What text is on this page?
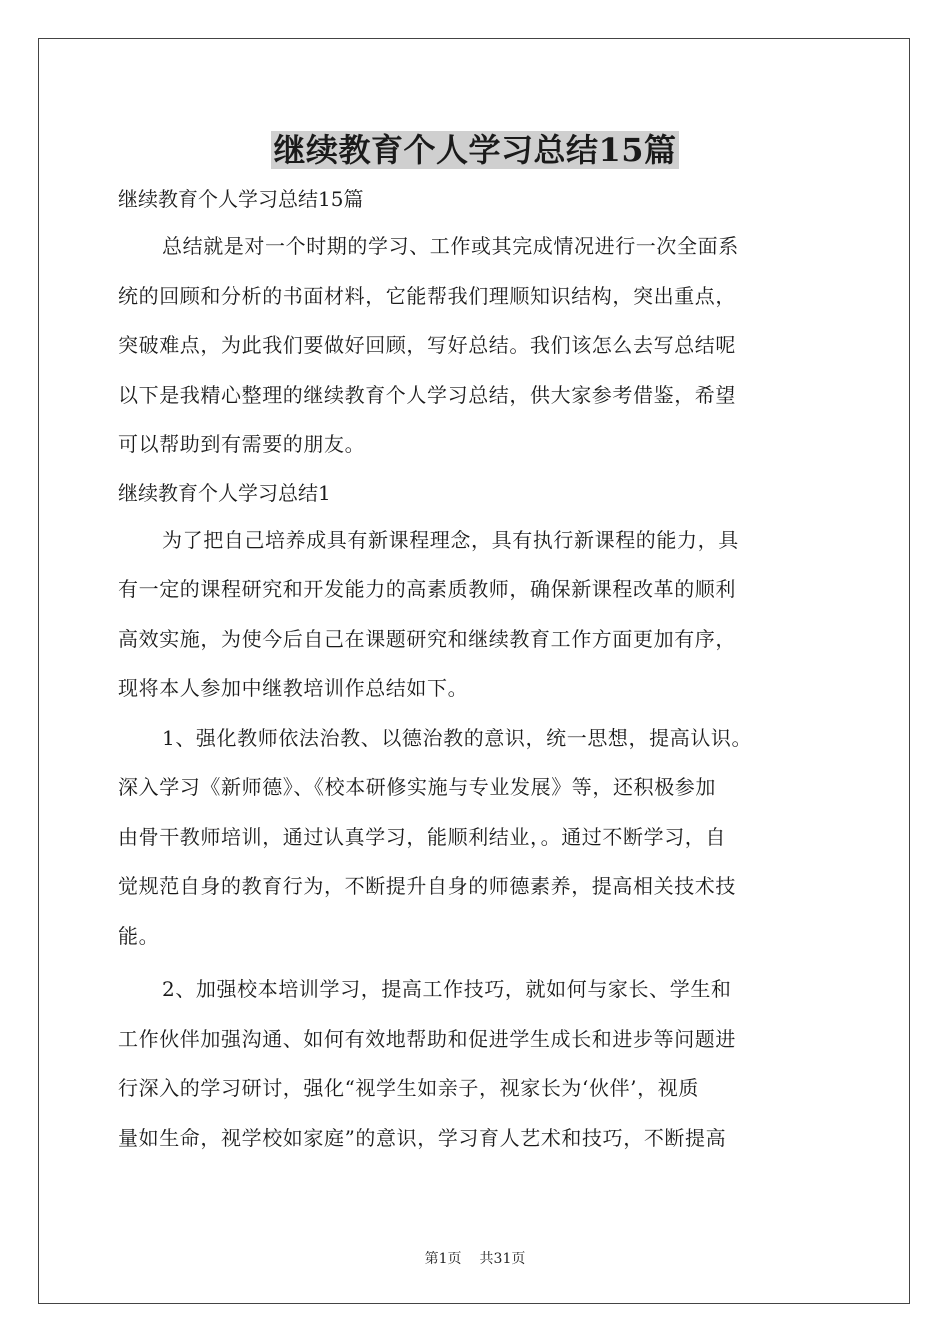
继续教育个人学习总结15篇
继续教育个人学习总结15篇
总结就是对一个时期的学习、工作或其完成情况进行一次全面系
统的回顾和分析的书面材料，它能帮我们理顺知识结构，突出重点，
突破难点，为此我们要做好回顾，写好总结。我们该怎么去写总结呢
以下是我精心整理的继续教育个人学习总结，供大家参考借鉴，希望
可以帮助到有需要的朋友。
继续教育个人学习总结1
为了把自己培养成具有新课程理念，具有执行新课程的能力，具
有一定的课程研究和开发能力的高素质教师，确保新课程改革的顺利
高效实施，为使今后自己在课题研究和继续教育工作方面更加有序，
现将本人参加中继教培训作总结如下。
1、强化教师依法治教、以德治教的意识，统一思想，提高认识。
深入学习《新师德》、《校本研修实施与专业发展》等，还积极参加
由骨干教师培训，通过认真学习，能顺利结业，。通过不断学习，自
觉规范自身的教育行为，不断提升自身的师德素养，提高相关技术技
能。
2、加强校本培训学习，提高工作技巧，就如何与家长、学生和
工作伙伴加强沟通、如何有效地帮助和促进学生成长和进步等问题进
行深入的学习研讨，强化“视学生如亲子，视家长为‘伙伴’，视质
量如生命，视学校如家庭”的意识，学习育人艺术和技巧，不断提高
第1页 共31页
